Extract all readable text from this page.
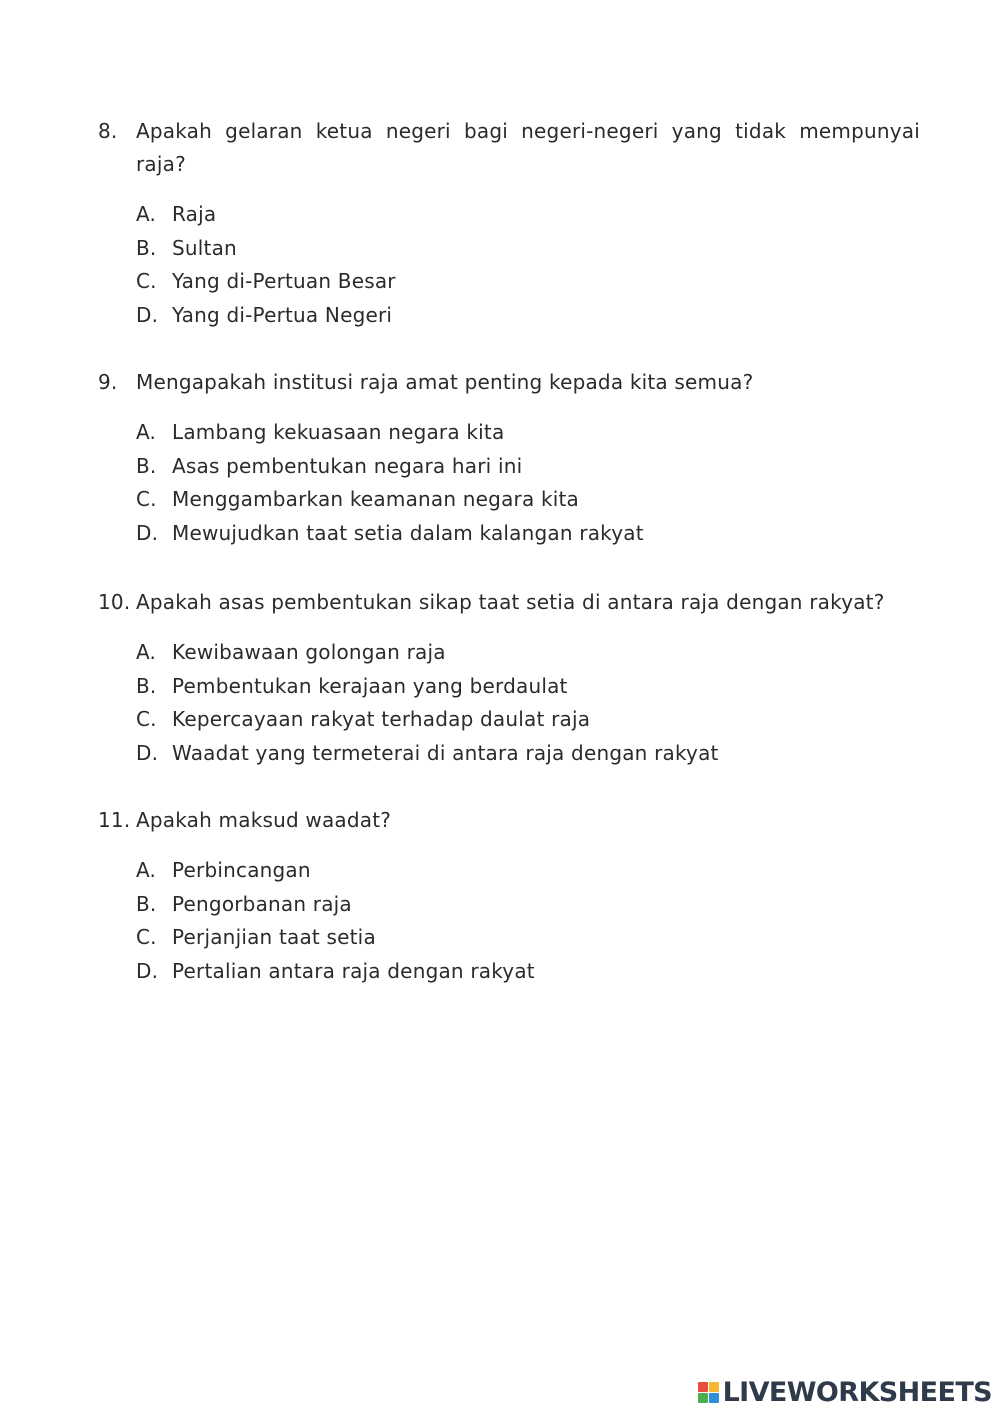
8. Apakah gelaran ketua negeri bagi negeri-negeri yang tidak mempunyai raja?
A. Raja
B. Sultan
C. Yang di-Pertuan Besar
D. Yang di-Pertua Negeri
9. Mengapakah institusi raja amat penting kepada kita semua?
A. Lambang kekuasaan negara kita
B. Asas pembentukan negara hari ini
C. Menggambarkan keamanan negara kita
D. Mewujudkan taat setia dalam kalangan rakyat
10. Apakah asas pembentukan sikap taat setia di antara raja dengan rakyat?
A. Kewibawaan golongan raja
B. Pembentukan kerajaan yang berdaulat
C. Kepercayaan rakyat terhadap daulat raja
D. Waadat yang termeterai di antara raja dengan rakyat
11. Apakah maksud waadat?
A. Perbincangan
B. Pengorbanan raja
C. Perjanjian taat setia
D. Pertalian antara raja dengan rakyat
LIVEWORKSHEETS
